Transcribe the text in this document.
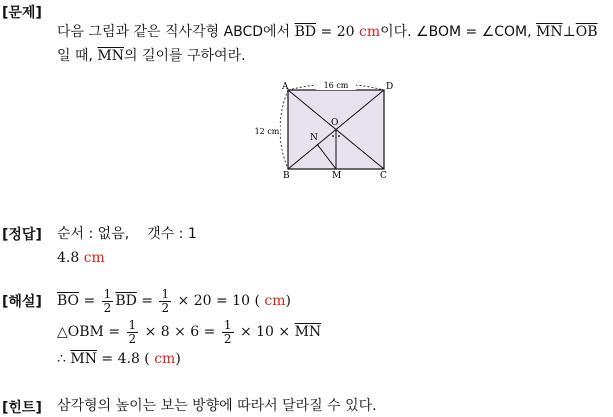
[문제]
다음 그림과 같은 직사각형 ABCD에서 $\overline{BD} = 20$ cm이다. ∠BOM = ∠COM, $\overline{MN}\perp\overline{OB}$
일 때, $\overline{MN}$의 길이를 구하여라.
16 cm
12 cm
A	D
B	C
M
N
O
[정답] 순서 : 없음, 갯수 : 1
4.8 cm
[해설] $\overline{BO} = \frac{1}{2} \overline{BD} = \frac{1}{2} \times 20 = 10$ ( cm)
△OBM = $\frac{1}{2} \times 8 \times 6 = \frac{1}{2} \times 10 \times \overline{MN}$
∴ $\overline{MN} = 4.8$ ( cm)
[힌트] 삼각형의 높이는 보는 방향에 따라서 달라질 수 있다.
